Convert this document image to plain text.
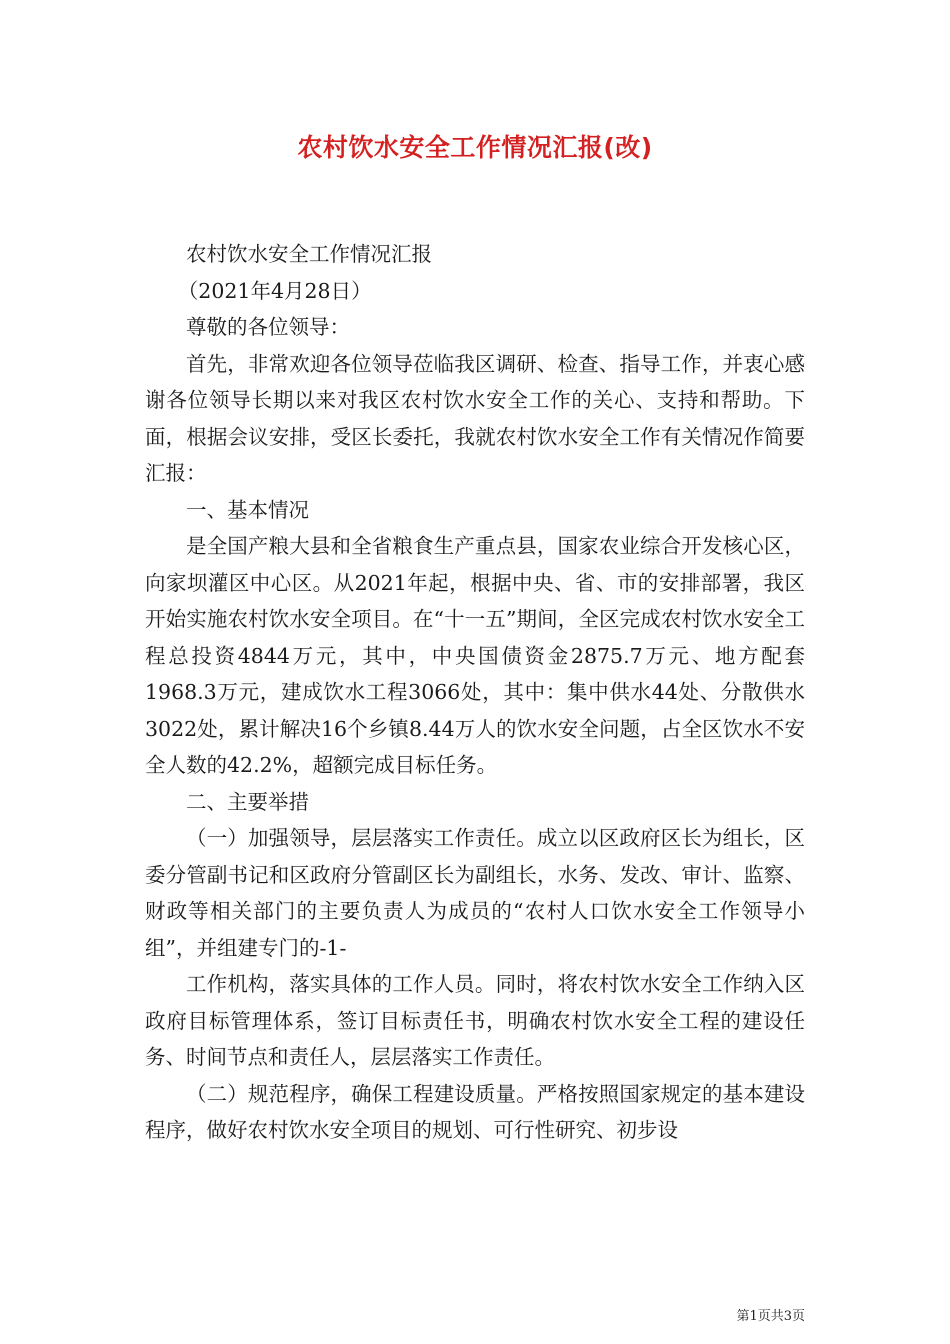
农村饮水安全工作情况汇报(改)

农村饮水安全工作情况汇报

（2021年4月28日）

尊敬的各位领导：

首先，非常欢迎各位领导莅临我区调研、检查、指导工作，并衷心感谢各位领导长期以来对我区农村饮水安全工作的关心、支持和帮助。下面，根据会议安排，受区长委托，我就农村饮水安全工作有关情况作简要汇报：

一、基本情况

是全国产粮大县和全省粮食生产重点县，国家农业综合开发核心区，向家坝灌区中心区。从2021年起，根据中央、省、市的安排部署，我区开始实施农村饮水安全项目。在“十一五”期间，全区完成农村饮水安全工程总投资4844万元，其中，中央国债资金2875.7万元、地方配套1968.3万元，建成饮水工程3066处，其中：集中供水44处、分散供水3022处，累计解决16个乡镇8.44万人的饮水安全问题，占全区饮水不安全人数的42.2%，超额完成目标任务。

二、主要举措

（一）加强领导，层层落实工作责任。成立以区政府区长为组长，区委分管副书记和区政府分管副区长为副组长，水务、发改、审计、监察、财政等相关部门的主要负责人为成员的“农村人口饮水安全工作领导小组”，并组建专门的-1-

工作机构，落实具体的工作人员。同时，将农村饮水安全工作纳入区政府目标管理体系，签订目标责任书，明确农村饮水安全工程的建设任务、时间节点和责任人，层层落实工作责任。

（二）规范程序，确保工程建设质量。严格按照国家规定的基本建设程序，做好农村饮水安全项目的规划、可行性研究、初步设

第1页共3页
